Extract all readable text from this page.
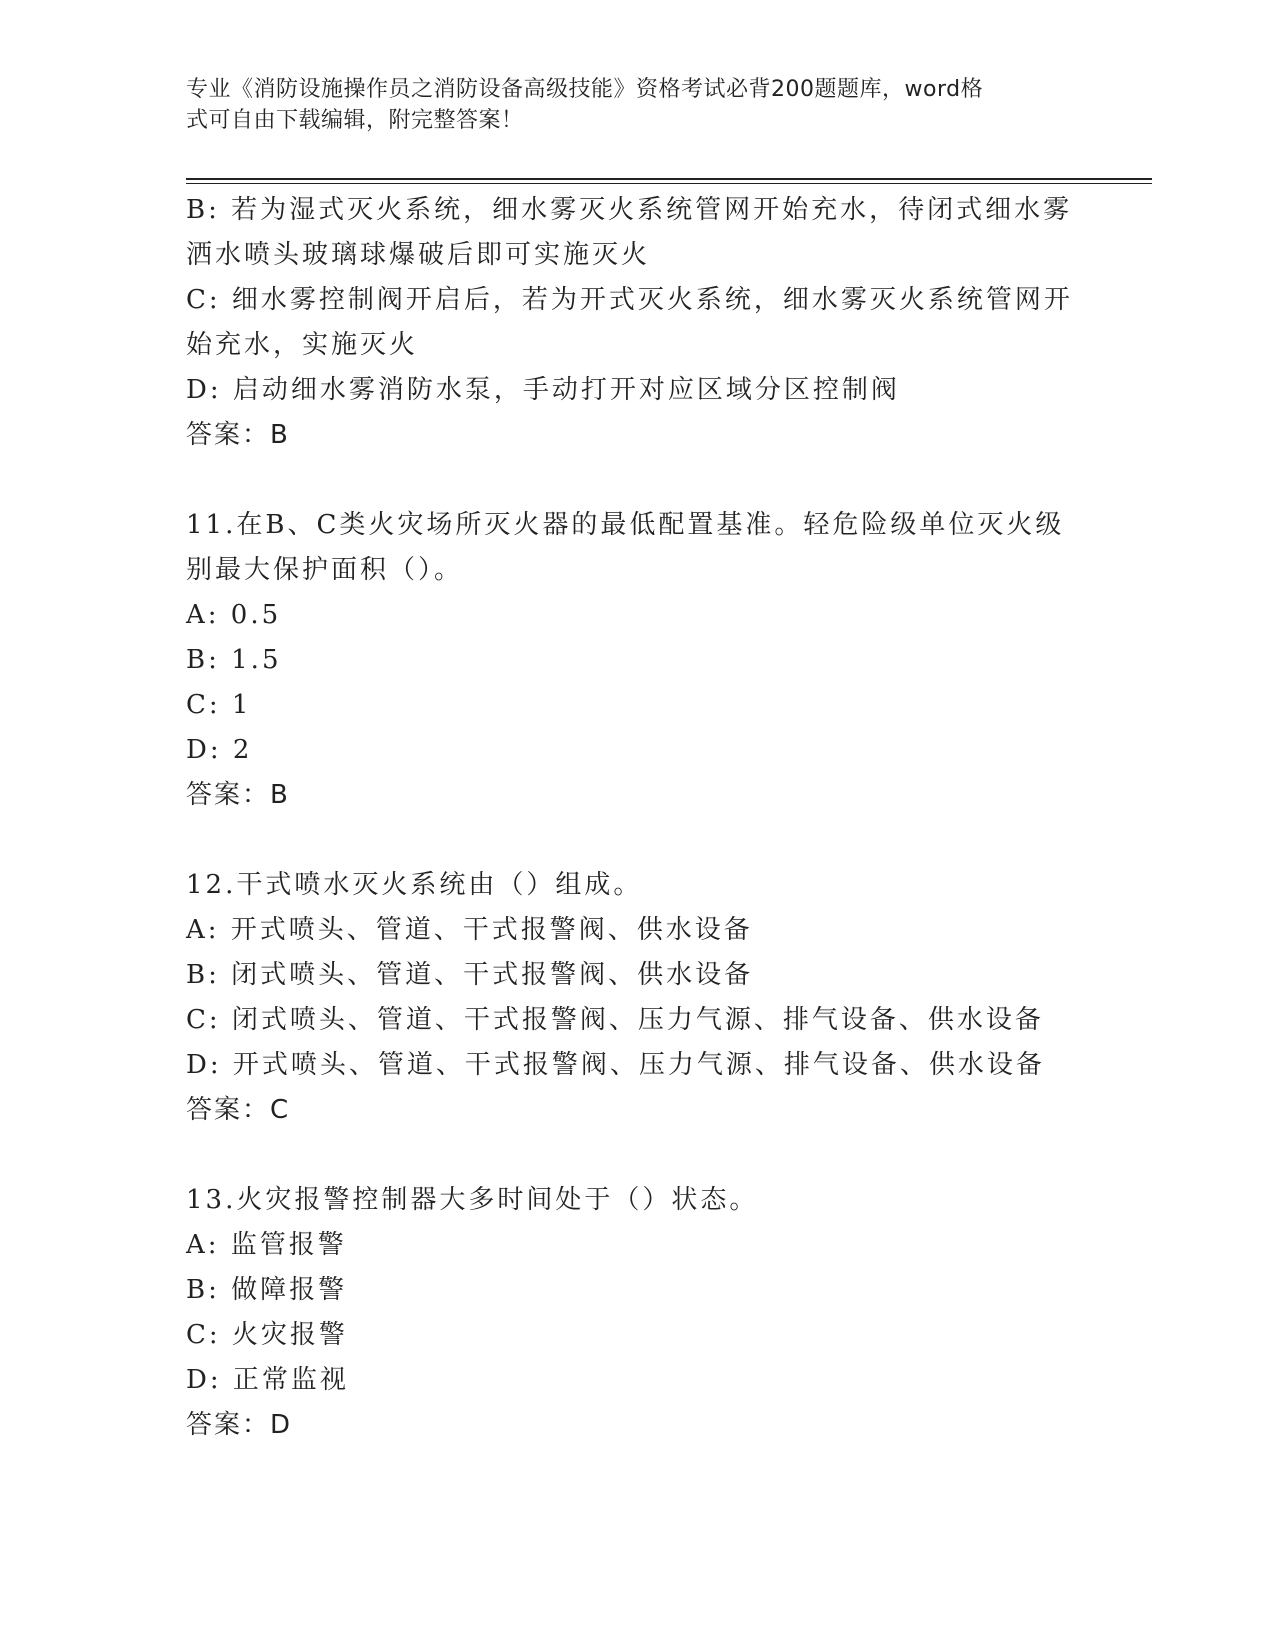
专业《消防设施操作员之消防设备高级技能》资格考试必背200题题库，word格
式可自由下载编辑，附完整答案！
B: 若为湿式灭火系统，细水雾灭火系统管网开始充水，待闭式细水雾
洒水喷头玻璃球爆破后即可实施灭火
C: 细水雾控制阀开启后，若为开式灭火系统，细水雾灭火系统管网开
始充水，实施灭火
D: 启动细水雾消防水泵，手动打开对应区域分区控制阀
答案：B
11.在B、C类火灾场所灭火器的最低配置基准。轻危险级单位灭火级
别最大保护面积（）。
A: 0.5
B: 1.5
C: 1
D: 2
答案：B
12.干式喷水灭火系统由（）组成。
A: 开式喷头、管道、干式报警阀、供水设备
B: 闭式喷头、管道、干式报警阀、供水设备
C: 闭式喷头、管道、干式报警阀、压力气源、排气设备、供水设备
D: 开式喷头、管道、干式报警阀、压力气源、排气设备、供水设备
答案：C
13.火灾报警控制器大多时间处于（）状态。
A: 监管报警
B: 做障报警
C: 火灾报警
D: 正常监视
答案：D
